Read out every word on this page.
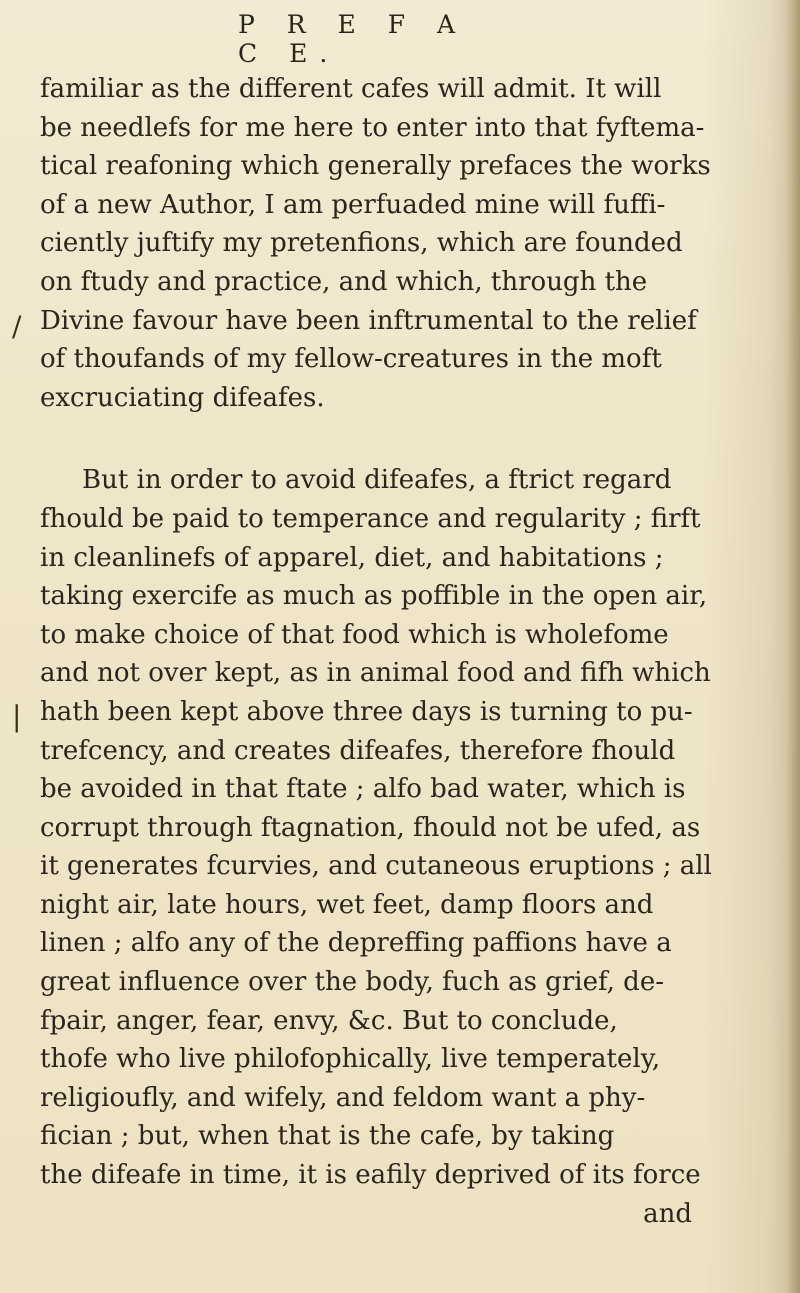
P R E F A C E.

familiar as the different cafes will admit. It will

be needlefs for me here to enter into that fyftema-

tical reafoning which generally prefaces the works

of a new Author, I am perfuaded mine will fuffi-

ciently juftify my pretenfions, which are founded

on ftudy and practice, and which, through the

Divine favour have been inftrumental to the relief

of thoufands of my fellow-creatures in the moft

excruciating difeafes.

But in order to avoid difeafes, a ftrict regard

fhould be paid to temperance and regularity ; firft

in cleanlinefs of apparel, diet, and habitations ;

taking exercife as much as poffible in the open air,

to make choice of that food which is wholefome

and not over kept, as in animal food and fifh which

hath been kept above three days is turning to pu-

trefcency, and creates difeafes, therefore fhould

be avoided in that ftate ; alfo bad water, which is

corrupt through ftagnation, fhould not be ufed, as

it generates fcurvies, and cutaneous eruptions ; all

night air, late hours, wet feet, damp floors and

linen ; alfo any of the depreffing paffions have a

great influence over the body, fuch as grief, de-

fpair, anger, fear, envy, &c. But to conclude,

thofe who live philofophically, live temperately,

religioufly, and wifely, and feldom want a phy-

fician ; but, when that is the cafe, by taking

the difeafe in time, it is eafily deprived of its force

and

/
|
